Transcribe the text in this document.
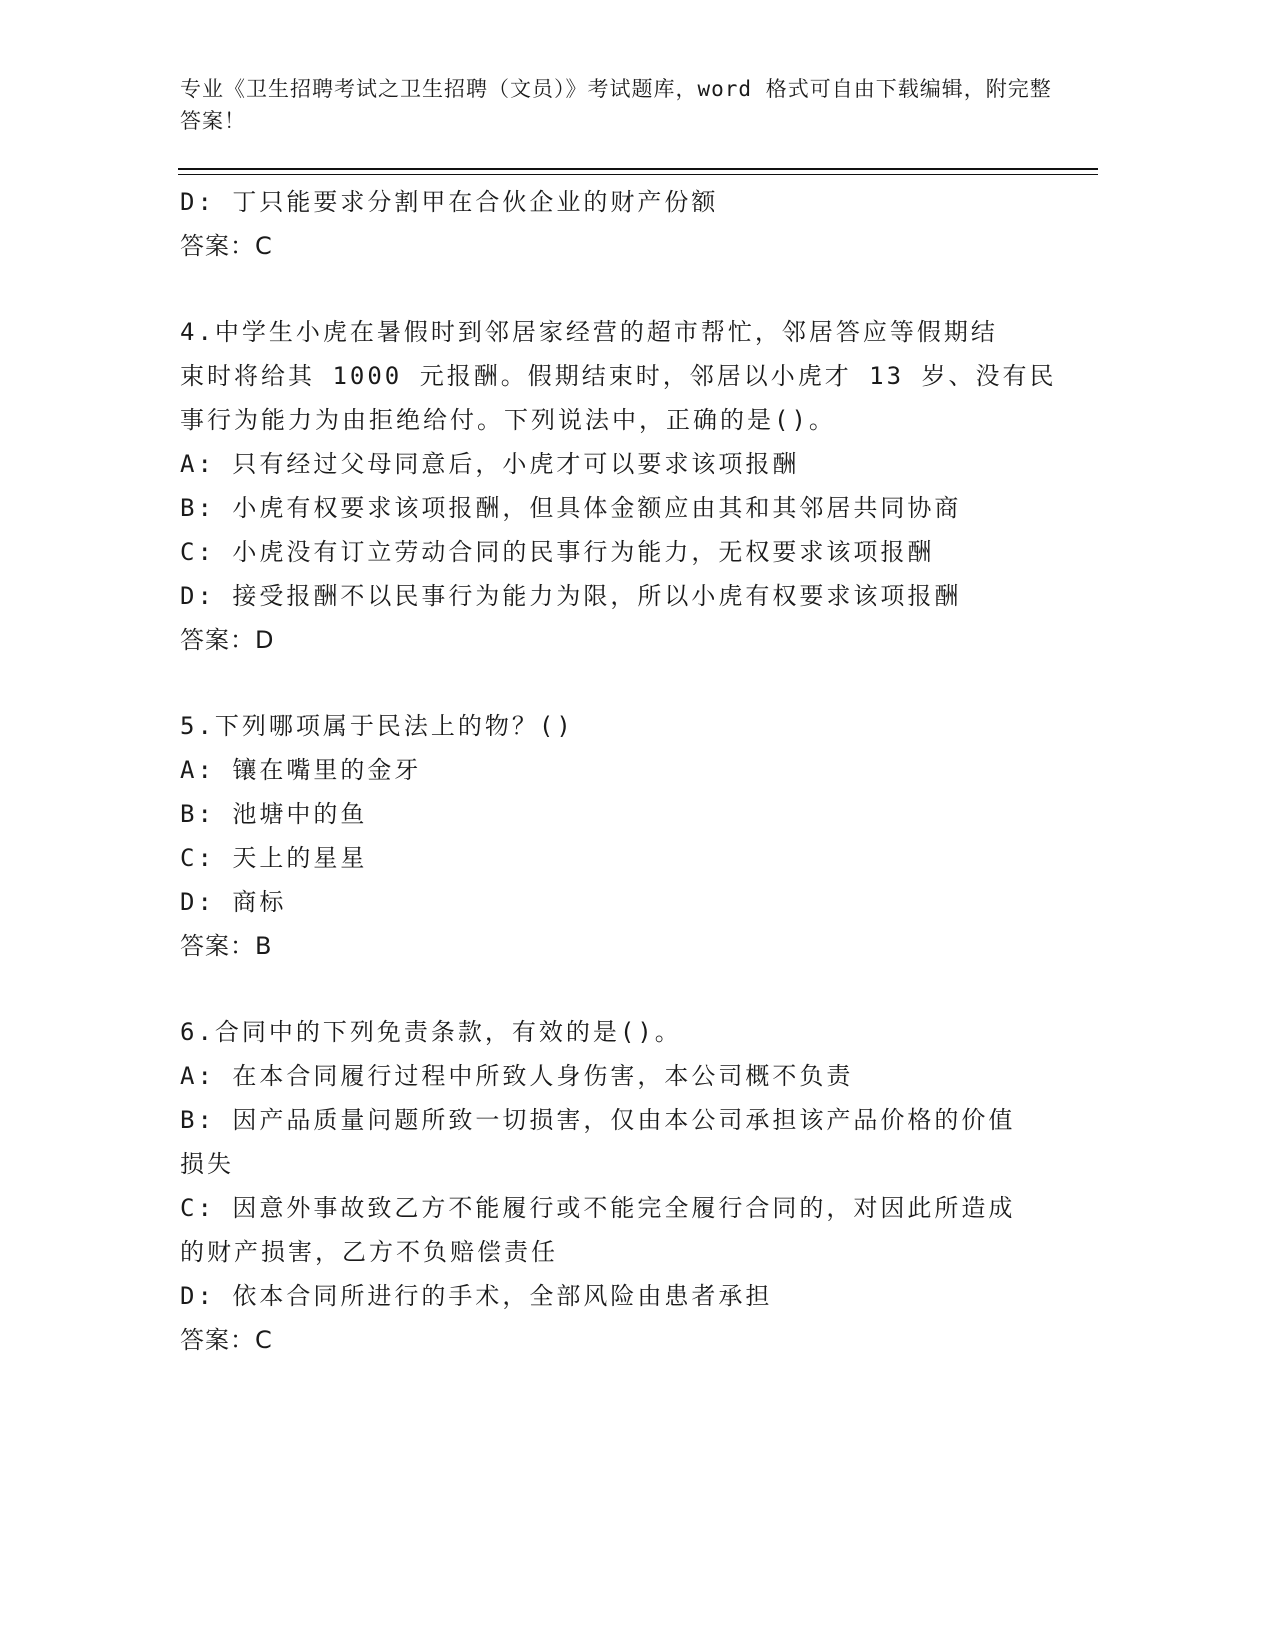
专业《卫生招聘考试之卫生招聘（文员）》考试题库，word 格式可自由下载编辑，附完整答案！
D: 丁只能要求分割甲在合伙企业的财产份额
答案：C
4.中学生小虎在暑假时到邻居家经营的超市帮忙，邻居答应等假期结
束时将给其 1000 元报酬。假期结束时，邻居以小虎才 13 岁、没有民
事行为能力为由拒绝给付。下列说法中，正确的是()。
A: 只有经过父母同意后，小虎才可以要求该项报酬
B: 小虎有权要求该项报酬，但具体金额应由其和其邻居共同协商
C: 小虎没有订立劳动合同的民事行为能力，无权要求该项报酬
D: 接受报酬不以民事行为能力为限，所以小虎有权要求该项报酬
答案：D
5.下列哪项属于民法上的物？()
A: 镶在嘴里的金牙
B: 池塘中的鱼
C: 天上的星星
D: 商标
答案：B
6.合同中的下列免责条款，有效的是()。
A: 在本合同履行过程中所致人身伤害，本公司概不负责
B: 因产品质量问题所致一切损害，仅由本公司承担该产品价格的价值
损失
C: 因意外事故致乙方不能履行或不能完全履行合同的，对因此所造成
的财产损害，乙方不负赔偿责任
D: 依本合同所进行的手术，全部风险由患者承担
答案：C
